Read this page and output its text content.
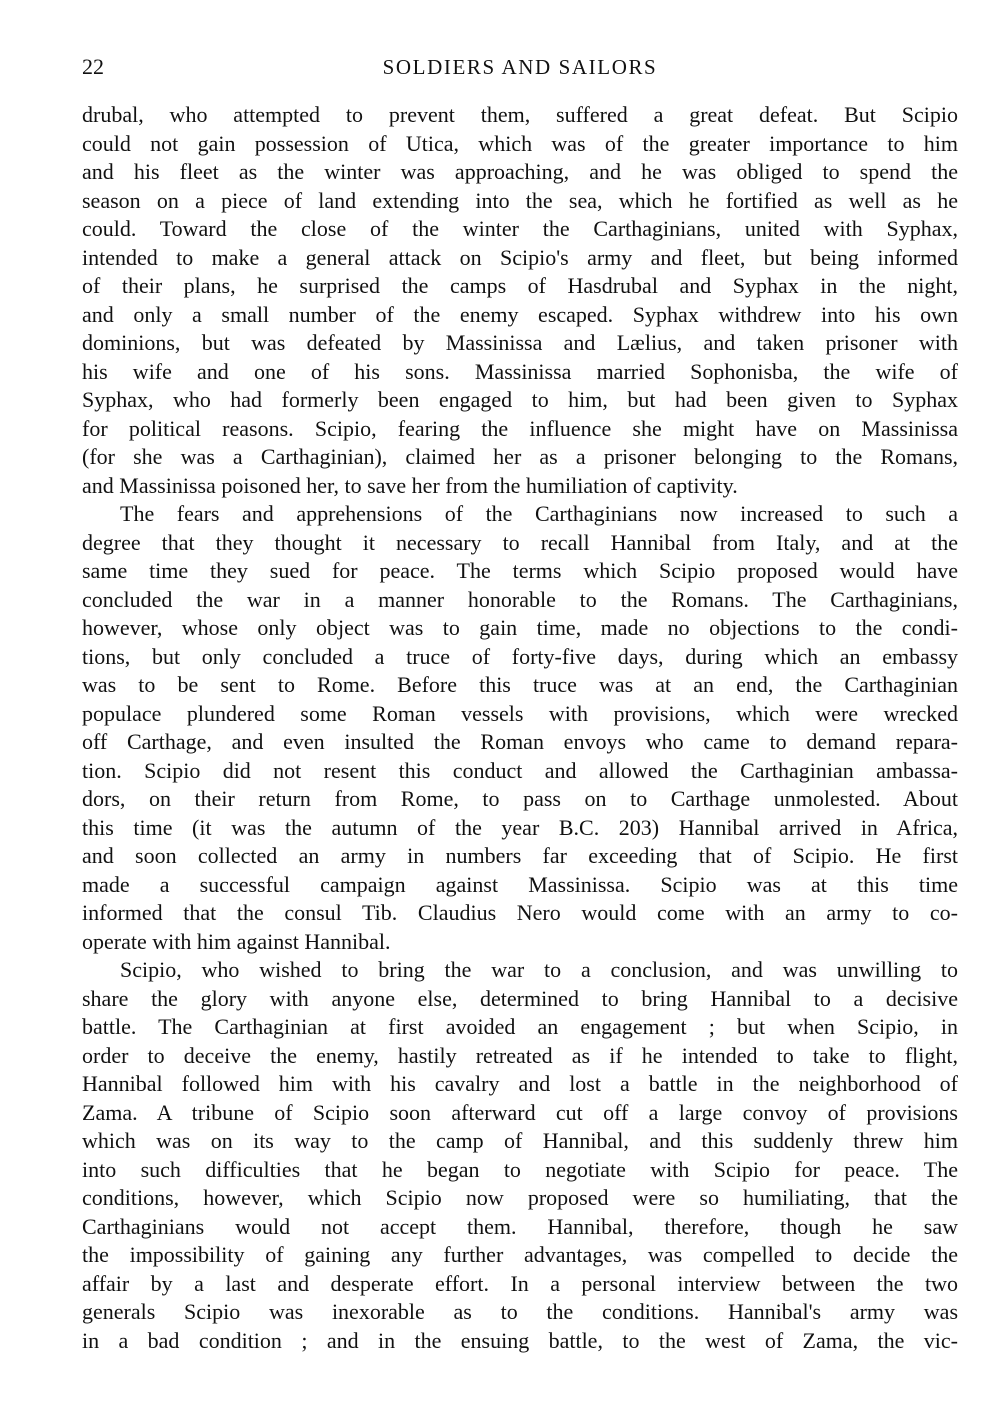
22	SOLDIERS AND SAILORS
drubal, who attempted to prevent them, suffered a great defeat. But Scipio
could not gain possession of Utica, which was of the greater importance to him
and his fleet as the winter was approaching, and he was obliged to spend the
season on a piece of land extending into the sea, which he fortified as well as he
could. Toward the close of the winter the Carthaginians, united with Syphax,
intended to make a general attack on Scipio's army and fleet, but being informed
of their plans, he surprised the camps of Hasdrubal and Syphax in the night,
and only a small number of the enemy escaped. Syphax withdrew into his own
dominions, but was defeated by Massinissa and Lælius, and taken prisoner with
his wife and one of his sons. Massinissa married Sophonisba, the wife of
Syphax, who had formerly been engaged to him, but had been given to Syphax
for political reasons. Scipio, fearing the influence she might have on Massinissa
(for she was a Carthaginian), claimed her as a prisoner belonging to the Romans,
and Massinissa poisoned her, to save her from the humiliation of captivity.
The fears and apprehensions of the Carthaginians now increased to such a
degree that they thought it necessary to recall Hannibal from Italy, and at the
same time they sued for peace. The terms which Scipio proposed would have
concluded the war in a manner honorable to the Romans. The Carthaginians,
however, whose only object was to gain time, made no objections to the condi-
tions, but only concluded a truce of forty-five days, during which an embassy
was to be sent to Rome. Before this truce was at an end, the Carthaginian
populace plundered some Roman vessels with provisions, which were wrecked
off Carthage, and even insulted the Roman envoys who came to demand repara-
tion. Scipio did not resent this conduct and allowed the Carthaginian ambassa-
dors, on their return from Rome, to pass on to Carthage unmolested. About
this time (it was the autumn of the year B.C. 203) Hannibal arrived in Africa,
and soon collected an army in numbers far exceeding that of Scipio. He first
made a successful campaign against Massinissa. Scipio was at this time
informed that the consul Tib. Claudius Nero would come with an army to co-
operate with him against Hannibal.
Scipio, who wished to bring the war to a conclusion, and was unwilling to
share the glory with anyone else, determined to bring Hannibal to a decisive
battle. The Carthaginian at first avoided an engagement ; but when Scipio, in
order to deceive the enemy, hastily retreated as if he intended to take to flight,
Hannibal followed him with his cavalry and lost a battle in the neighborhood of
Zama. A tribune of Scipio soon afterward cut off a large convoy of provisions
which was on its way to the camp of Hannibal, and this suddenly threw him
into such difficulties that he began to negotiate with Scipio for peace. The
conditions, however, which Scipio now proposed were so humiliating, that the
Carthaginians would not accept them. Hannibal, therefore, though he saw
the impossibility of gaining any further advantages, was compelled to decide the
affair by a last and desperate effort. In a personal interview between the two
generals Scipio was inexorable as to the conditions. Hannibal's army was
in a bad condition ; and in the ensuing battle, to the west of Zama, the vic-
